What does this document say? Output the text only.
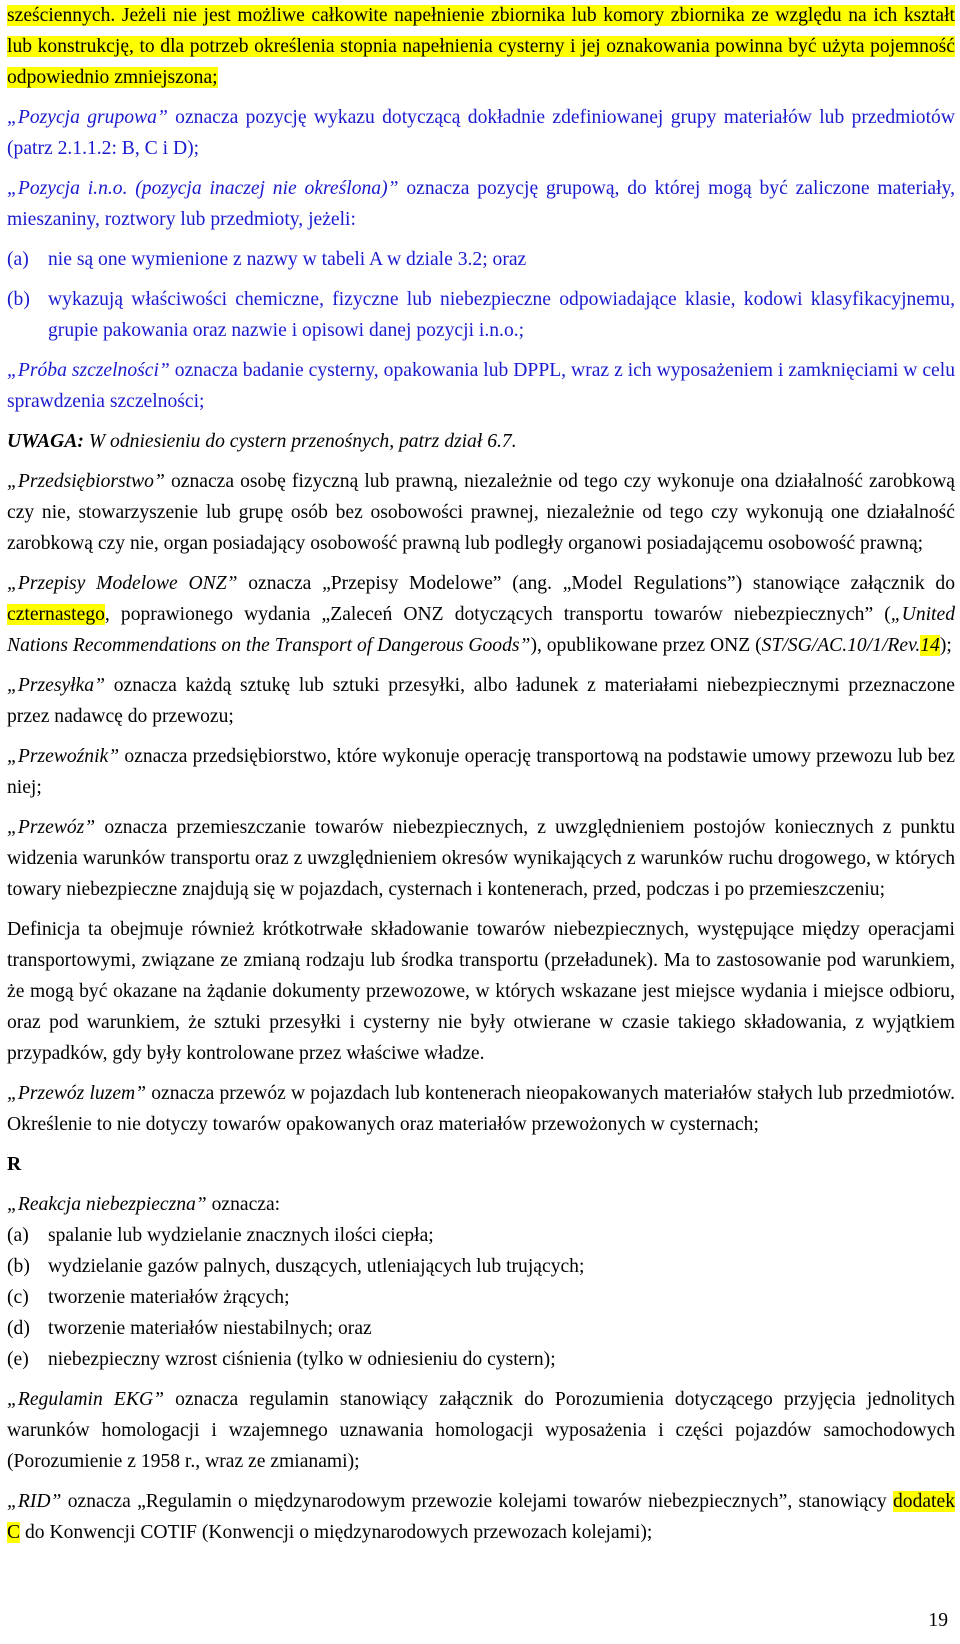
sześciennych. Jeżeli nie jest możliwe całkowite napełnienie zbiornika lub komory zbiornika ze względu na ich kształt lub konstrukcję, to dla potrzeb określenia stopnia napełnienia cysterny i jej oznakowania powinna być użyta pojemność odpowiednio zmniejszona;

„Pozycja grupowa” oznacza pozycję wykazu dotyczącą dokładnie zdefiniowanej grupy materiałów lub przedmiotów (patrz 2.1.1.2: B, C i D);

„Pozycja i.n.o. (pozycja inaczej nie określona)” oznacza pozycję grupową, do której mogą być zaliczone materiały, mieszaniny, roztwory lub przedmioty, jeżeli:

(a) nie są one wymienione z nazwy w tabeli A w dziale 3.2; oraz
(b) wykazują właściwości chemiczne, fizyczne lub niebezpieczne odpowiadające klasie, kodowi klasyfikacyjnemu, grupie pakowania oraz nazwie i opisowi danej pozycji i.n.o.;

„Próba szczelności” oznacza badanie cysterny, opakowania lub DPPL, wraz z ich wyposażeniem i zamknięciami w celu sprawdzenia szczelności;

UWAGA: W odniesieniu do cystern przenośnych, patrz dział 6.7.

„Przedsiębiorstwo” oznacza osobę fizyczną lub prawną, niezależnie od tego czy wykonuje ona działalność zarobkową czy nie, stowarzyszenie lub grupę osób bez osobowości prawnej, niezależnie od tego czy wykonują one działalność zarobkową czy nie, organ posiadający osobowość prawną lub podległy organowi posiadającemu osobowość prawną;

„Przepisy Modelowe ONZ” oznacza „Przepisy Modelowe” (ang. „Model Regulations”) stanowiące załącznik do czternastego, poprawionego wydania „Zaleceń ONZ dotyczących transportu towarów niebezpiecznych” („United Nations Recommendations on the Transport of Dangerous Goods”), opublikowane przez ONZ (ST/SG/AC.10/1/Rev.14);

„Przesyłka” oznacza każdą sztukę lub sztuki przesyłki, albo ładunek z materiałami niebezpiecznymi przeznaczone przez nadawcę do przewozu;

„Przewoźnik” oznacza przedsiębiorstwo, które wykonuje operację transportową na podstawie umowy przewozu lub bez niej;

„Przewóz” oznacza przemieszczanie towarów niebezpiecznych, z uwzględnieniem postojów koniecznych z punktu widzenia warunków transportu oraz z uwzględnieniem okresów wynikających z warunków ruchu drogowego, w których towary niebezpieczne znajdują się w pojazdach, cysternach i kontenerach, przed, podczas i po przemieszczeniu;

Definicja ta obejmuje również krótkotrwałe składowanie towarów niebezpiecznych, występujące między operacjami transportowymi, związane ze zmianą rodzaju lub środka transportu (przeładunek). Ma to zastosowanie pod warunkiem, że mogą być okazane na żądanie dokumenty przewozowe, w których wskazane jest miejsce wydania i miejsce odbioru, oraz pod warunkiem, że sztuki przesyłki i cysterny nie były otwierane w czasie takiego składowania, z wyjątkiem przypadków, gdy były kontrolowane przez właściwe władze.

„Przewóz luzem” oznacza przewóz w pojazdach lub kontenerach nieopakowanych materiałów stałych lub przedmiotów. Określenie to nie dotyczy towarów opakowanych oraz materiałów przewożonych w cysternach;

R

„Reakcja niebezpieczna” oznacza:

(a) spalanie lub wydzielanie znacznych ilości ciepła;
(b) wydzielanie gazów palnych, duszących, utleniających lub trujących;
(c) tworzenie materiałów żrących;
(d) tworzenie materiałów niestabilnych; oraz
(e) niebezpieczny wzrost ciśnienia (tylko w odniesieniu do cystern);

„Regulamin EKG” oznacza regulamin stanowiący załącznik do Porozumienia dotyczącego przyjęcia jednolitych warunków homologacji i wzajemnego uznawania homologacji wyposażenia i części pojazdów samochodowych (Porozumienie z 1958 r., wraz ze zmianami);

„RID” oznacza „Regulamin o międzynarodowym przewozie kolejami towarów niebezpiecznych”, stanowiący dodatek C do Konwencji COTIF (Konwencji o międzynarodowych przewozach kolejami);

19
